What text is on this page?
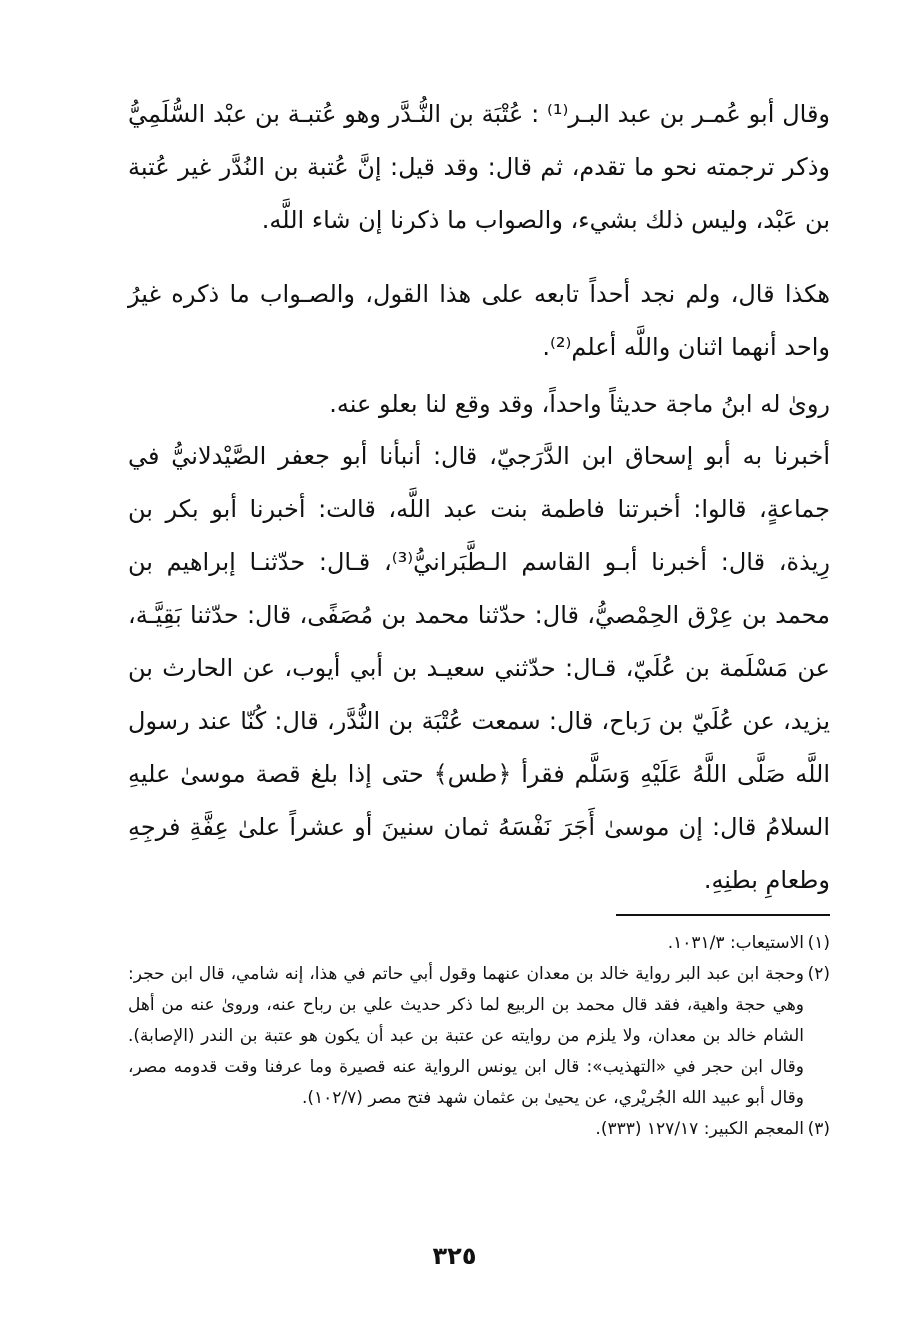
وقال أبو عُمـر بن عبد البـر⁽¹⁾ : عُتْبَة بن النُّـدَّر وهو عُتبـة بن عبْد السُّلَمِيُّ وذكر ترجمته نحو ما تقدم، ثم قال: وقد قيل: إنَّ عُتبة بن النُدَّر غير عُتبة بن عَبْد، وليس ذلك بشيء، والصواب ما ذكرنا إن شاء اللَّه.
هكذا قال، ولم نجد أحداً تابعه على هذا القول، والصـواب ما ذكره غيرُ واحد أنهما اثنان واللَّه أعلم⁽²⁾.
روىٰ له ابنُ ماجة حديثاً واحداً، وقد وقع لنا بعلو عنه.
أخبرنا به أبو إسحاق ابن الدَّرَجيّ، قال: أنبأنا أبو جعفر الصَّيْدلانيُّ في جماعةٍ، قالوا: أخبرتنا فاطمة بنت عبد اللَّه، قالت: أخبرنا أبو بكر بن رِيذة، قال: أخبرنا أبـو القاسم الـطَّبَرانيُّ⁽³⁾، قـال: حدّثنـا إبراهيم بن محمد بن عِرْق الحِمْصيُّ، قال: حدّثنا محمد بن مُصَفًى، قال: حدّثنا بَقِيَّـة، عن مَسْلَمة بن عُلَيّ، قـال: حدّثني سعيـد بن أبي أيوب، عن الحارث بن يزيد، عن عُلَيّ بن رَباح، قال: سمعت عُتْبَة بن النُّدَّر، قال: كُنّا عند رسول اللَّه صَلَّى اللَّهُ عَلَيْهِ وَسَلَّم فقرأ ﴿طس﴾ حتى إذا بلغ قصة موسىٰ عليهِ السلامُ قال: إن موسىٰ أَجَرَ نَفْسَهُ ثمان سنينَ أو عشراً علىٰ عِفَّةِ فرجِهِ وطعامِ بطنِهِ.
(١)
الاستيعاب: ١٠٣١/٣.
(٢)
وحجة ابن عبد البر رواية خالد بن معدان عنهما وقول أبي حاتم في هذا، إنه شامي، قال ابن حجر: وهي حجة واهية، فقد قال محمد بن الربيع لما ذكر حديث علي بن رباح عنه، وروىٰ عنه من أهل الشام خالد بن معدان، ولا يلزم من روايته عن عتبة بن عبد أن يكون هو عتبة بن الندر (الإصابة). وقال ابن حجر في «التهذيب»: قال ابن يونس الرواية عنه قصيرة وما عرفنا وقت قدومه مصر، وقال أبو عبيد الله الجُريْري، عن يحيىٰ بن عثمان شهد فتح مصر (١٠٢/٧).
(٣)
المعجم الكبير: ١٢٧/١٧ (٣٣٣).
٣٢٥
